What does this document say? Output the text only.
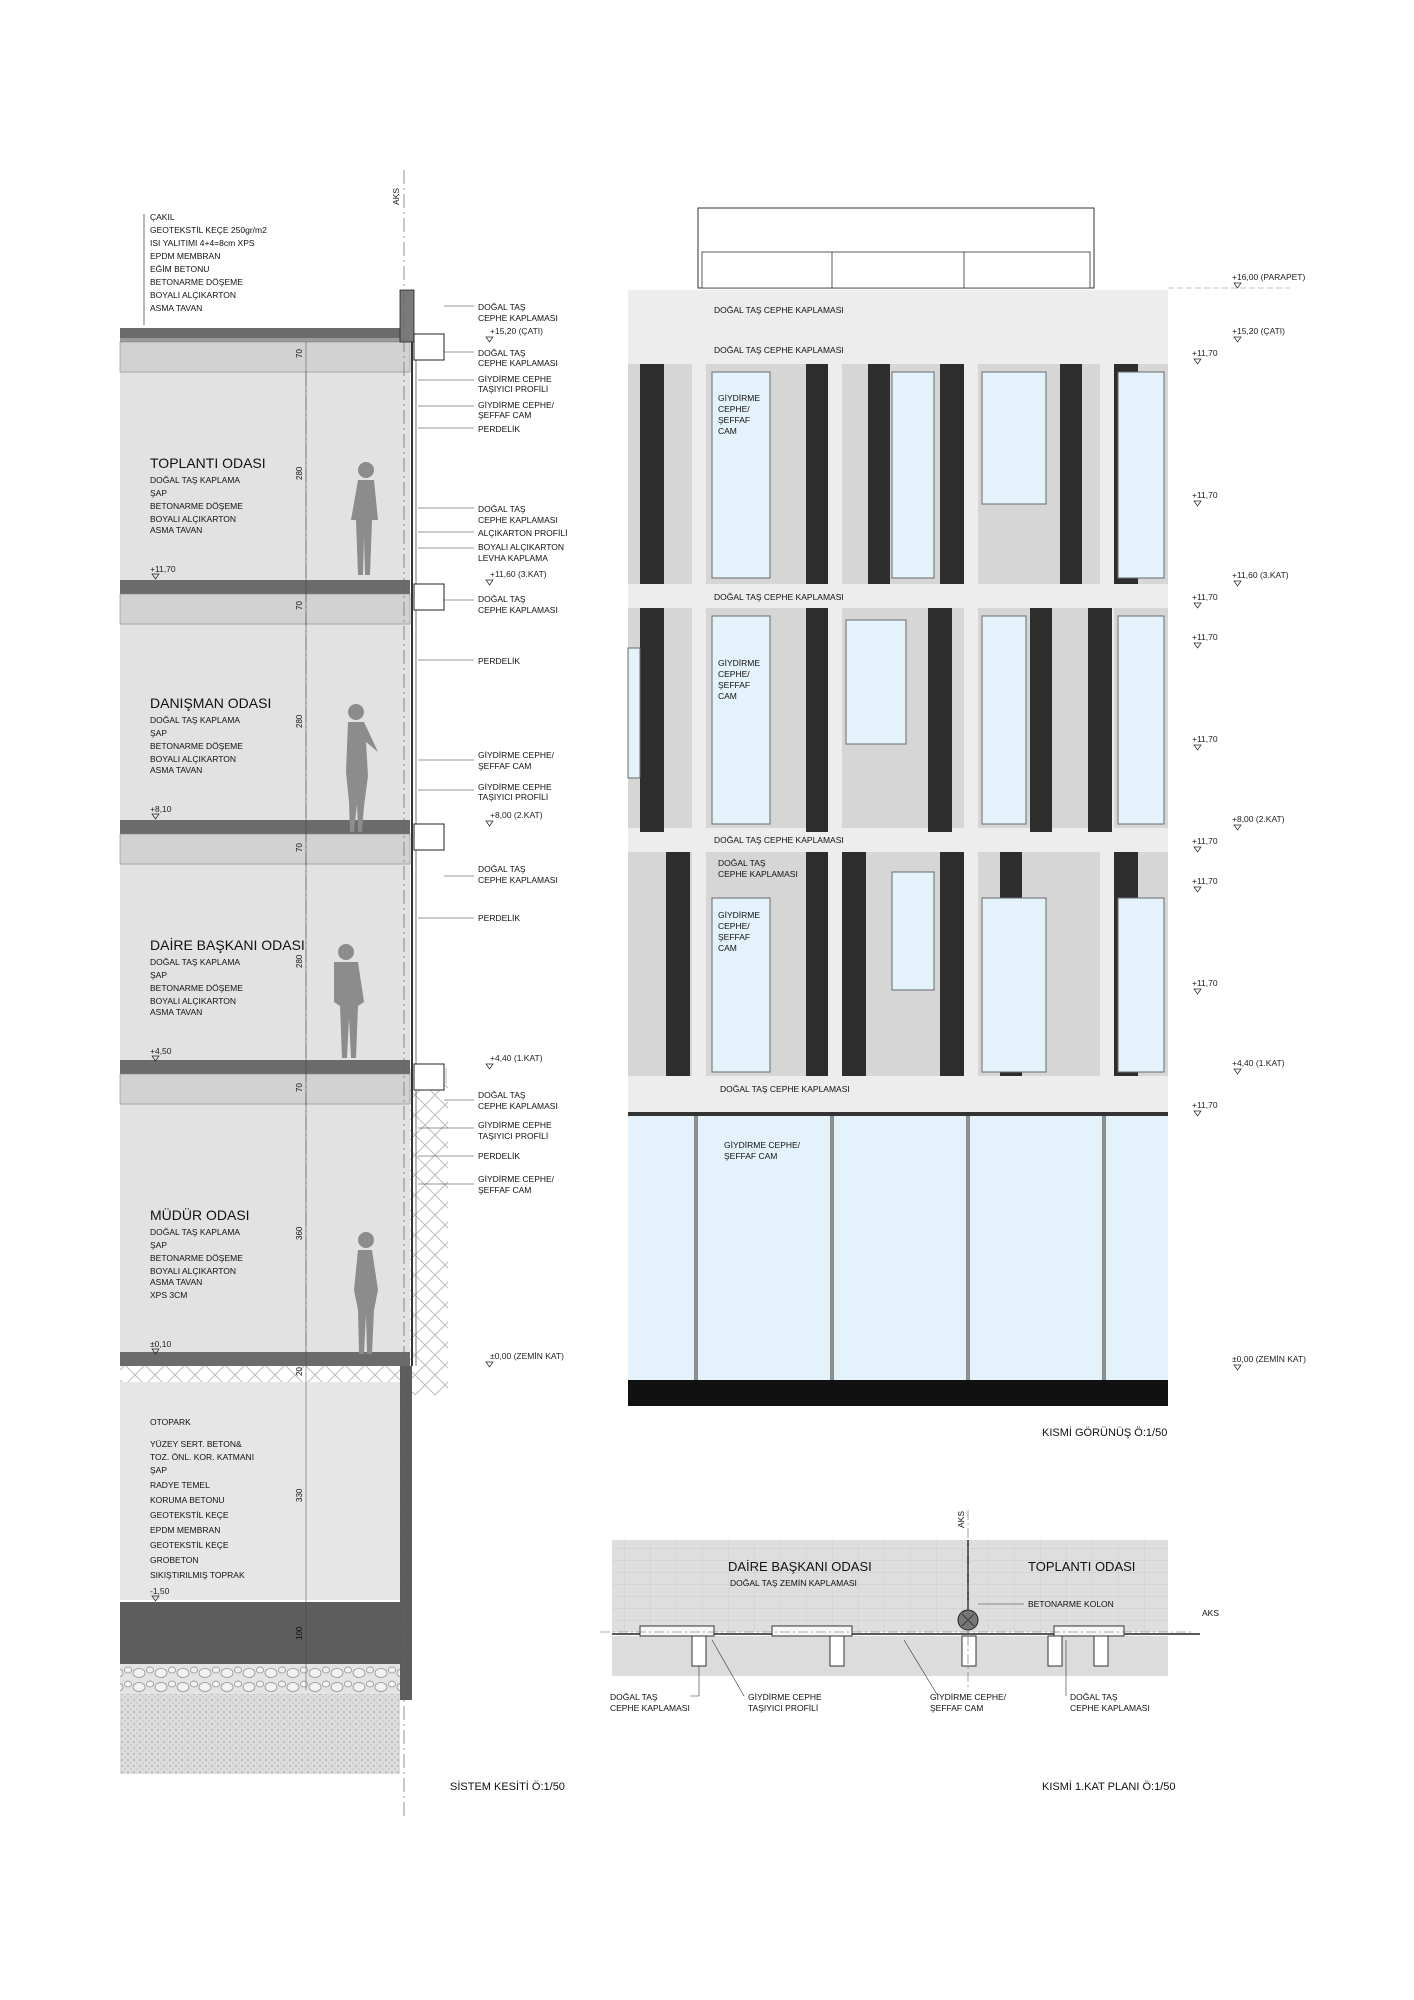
AKS
70
280
70
280
70
280
70
360
20
330
100
ÇAKIL
GEOTEKSTİL KEÇE 250gr/m2
ISI YALITIMI 4+4=8cm XPS
EPDM MEMBRAN
EĞİM BETONU
BETONARME DÖŞEME
BOYALI ALÇIKARTON
ASMA TAVAN
TOPLANTI ODASI
DOĞAL TAŞ KAPLAMA
ŞAP
BETONARME DÖŞEME
BOYALI ALÇIKARTON
ASMA TAVAN
DANIŞMAN ODASI
DOĞAL TAŞ KAPLAMA
ŞAP
BETONARME DÖŞEME
BOYALI ALÇIKARTON
ASMA TAVAN
DAİRE BAŞKANI ODASI
DOĞAL TAŞ KAPLAMA
ŞAP
BETONARME DÖŞEME
BOYALI ALÇIKARTON
ASMA TAVAN
MÜDÜR ODASI
DOĞAL TAŞ KAPLAMA
ŞAP
BETONARME DÖŞEME
BOYALI ALÇIKARTON
ASMA TAVAN
XPS 3CM
OTOPARK
YÜZEY SERT. BETON&
TOZ. ÖNL. KOR. KATMANI
ŞAP
RADYE TEMEL
KORUMA BETONU
GEOTEKSTİL KEÇE
EPDM MEMBRAN
GEOTEKSTİL KEÇE
GROBETON
SIKIŞTIRILMIŞ TOPRAK
+11,70
+8,10
+4,50
±0,10
-1,50
DOĞAL TAŞ
CEPHE KAPLAMASI
DOĞAL TAŞ
CEPHE KAPLAMASI
GİYDİRME CEPHE
TAŞIYICI PROFİLİ
GİYDİRME CEPHE/
ŞEFFAF CAM
PERDELİK
DOĞAL TAŞ
CEPHE KAPLAMASI
ALÇIKARTON PROFİLİ
BOYALI ALÇIKARTON
LEVHA KAPLAMA
DOĞAL TAŞ
CEPHE KAPLAMASI
PERDELİK
GİYDİRME CEPHE/
ŞEFFAF CAM
GİYDİRME CEPHE
TAŞIYICI PROFİLİ
DOĞAL TAŞ
CEPHE KAPLAMASI
PERDELİK
DOĞAL TAŞ
CEPHE KAPLAMASI
GİYDİRME CEPHE
TAŞIYICI PROFİLİ
PERDELİK
GİYDİRME CEPHE/
ŞEFFAF CAM
+15,20 (ÇATI)
+11,60 (3.KAT)
+8,00 (2.KAT)
+4,40 (1.KAT)
±0,00 (ZEMİN KAT)
SİSTEM KESİTİ Ö:1/50
DOĞAL TAŞ CEPHE KAPLAMASI
DOĞAL TAŞ CEPHE KAPLAMASI
DOĞAL TAŞ CEPHE KAPLAMASI
DOĞAL TAŞ CEPHE KAPLAMASI
DOĞAL TAŞ CEPHE KAPLAMASI
GİYDİRME
CEPHE/
ŞEFFAF
CAM
GİYDİRME
CEPHE/
ŞEFFAF
CAM
DOĞAL TAŞ
CEPHE KAPLAMASI
GİYDİRME
CEPHE/
ŞEFFAF
CAM
GİYDİRME CEPHE/
ŞEFFAF CAM
+16,00 (PARAPET)
+15,20 (ÇATI)
+11,70
+11,70
+11,60 (3.KAT)
+11,70
+11,70
+11,70
+8,00 (2.KAT)
+11,70
+11,70
+11,70
+4,40 (1.KAT)
+11,70
±0,00 (ZEMİN KAT)
KISMİ GÖRÜNÜŞ Ö:1/50
AKS
AKS
DAİRE BAŞKANI ODASI
DOĞAL TAŞ ZEMİN KAPLAMASI
TOPLANTI ODASI
BETONARME KOLON
DOĞAL TAŞ
CEPHE KAPLAMASI
GİYDİRME CEPHE
TAŞIYICI PROFİLİ
GİYDİRME CEPHE/
ŞEFFAF CAM
DOĞAL TAŞ
CEPHE KAPLAMASI
KISMİ 1.KAT PLANI Ö:1/50
